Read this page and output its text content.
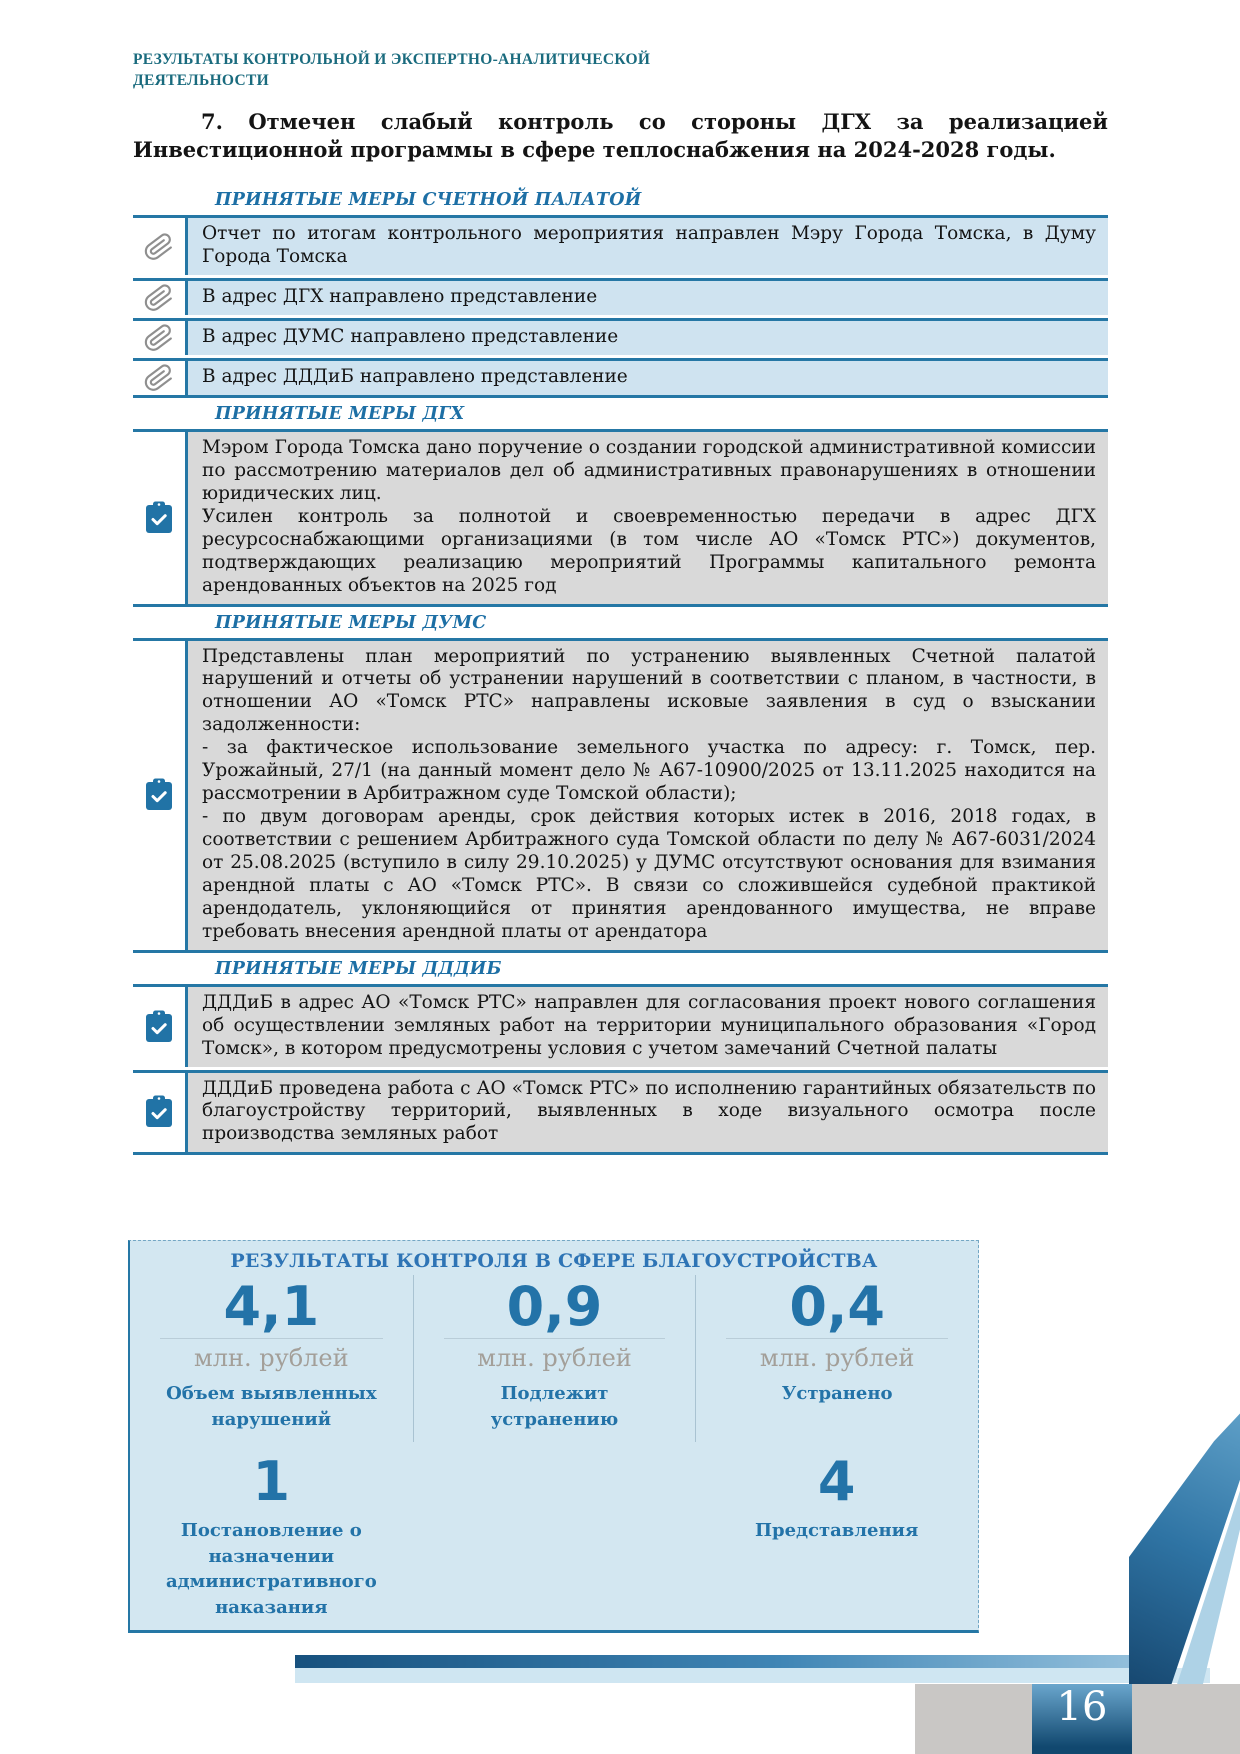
РЕЗУЛЬТАТЫ КОНТРОЛЬНОЙ И ЭКСПЕРТНО-АНАЛИТИЧЕСКОЙ ДЕЯТЕЛЬНОСТИ

7. Отмечен слабый контроль со стороны ДГХ за реализацией Инвестиционной программы в сфере теплоснабжения на 2024-2028 годы.

ПРИНЯТЫЕ МЕРЫ СЧЕТНОЙ ПАЛАТОЙ

Отчет по итогам контрольного мероприятия направлен Мэру Города Томска, в Думу Города Томска

В адрес ДГХ направлено представление

В адрес ДУМС направлено представление

В адрес ДДДиБ направлено представление

ПРИНЯТЫЕ МЕРЫ ДГХ

Мэром Города Томска дано поручение о создании городской административной комиссии по рассмотрению материалов дел об административных правонарушениях в отношении юридических лиц.

Усилен контроль за полнотой и своевременностью передачи в адрес ДГХ ресурсоснабжающими организациями (в том числе АО «Томск РТС») документов, подтверждающих реализацию мероприятий Программы капитального ремонта арендованных объектов на 2025 год

ПРИНЯТЫЕ МЕРЫ ДУМС

Представлены план мероприятий по устранению выявленных Счетной палатой нарушений и отчеты об устранении нарушений в соответствии с планом, в частности, в отношении АО «Томск РТС» направлены исковые заявления в суд о взыскании задолженности:

- за фактическое использование земельного участка по адресу: г. Томск, пер. Урожайный, 27/1 (на данный момент дело № А67-10900/2025 от 13.11.2025 находится на рассмотрении в Арбитражном суде Томской области);

- по двум договорам аренды, срок действия которых истек в 2016, 2018 годах, в соответствии с решением Арбитражного суда Томской области по делу № А67-6031/2024 от 25.08.2025 (вступило в силу 29.10.2025) у ДУМС отсутствуют основания для взимания арендной платы с АО «Томск РТС». В связи со сложившейся судебной практикой арендодатель, уклоняющийся от принятия арендованного имущества, не вправе требовать внесения арендной платы от арендатора

ПРИНЯТЫЕ МЕРЫ ДДДИБ

ДДДиБ в адрес АО «Томск РТС» направлен для согласования проект нового соглашения об осуществлении земляных работ на территории муниципального образования «Город Томск», в котором предусмотрены условия с учетом замечаний Счетной палаты

ДДДиБ проведена работа с АО «Томск РТС» по исполнению гарантийных обязательств по благоустройству территорий, выявленных в ходе визуального осмотра после производства земляных работ

РЕЗУЛЬТАТЫ КОНТРОЛЯ В СФЕРЕ БЛАГОУСТРОЙСТВА
4,1
млн. рублей
Объем выявленных нарушений
0,9
млн. рублей
Подлежит устранению
0,4
млн. рублей
Устранено
1
Постановление о назначении административного наказания
4
Представления
16
